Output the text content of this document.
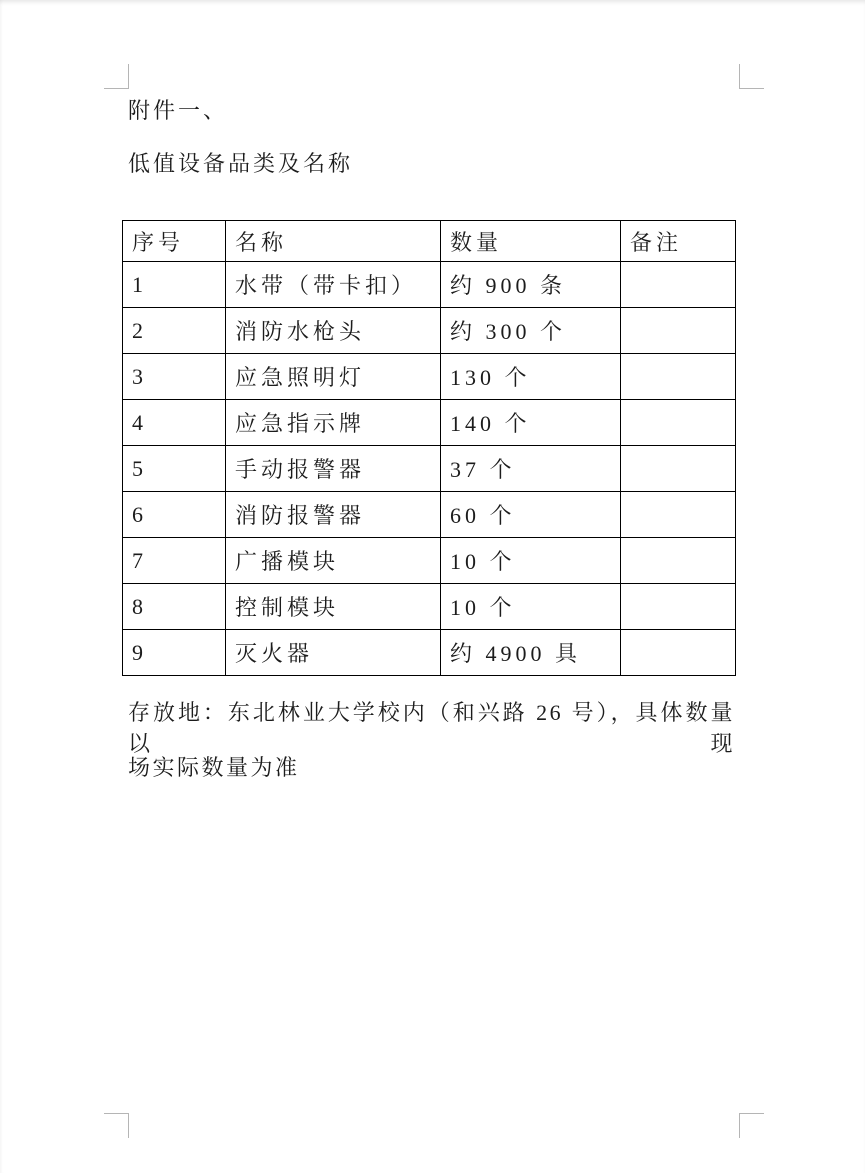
附件一、
低值设备品类及名称
序号	名称	数量	备注
1	水带（带卡扣）	约 900 条	
2	消防水枪头	约 300 个	
3	应急照明灯	130 个	
4	应急指示牌	140 个	
5	手动报警器	37 个	
6	消防报警器	60 个	
7	广播模块	10 个	
8	控制模块	10 个	
9	灭火器	约 4900 具	
存放地：东北林业大学校内（和兴路 26 号），具体数量以现
场实际数量为准
